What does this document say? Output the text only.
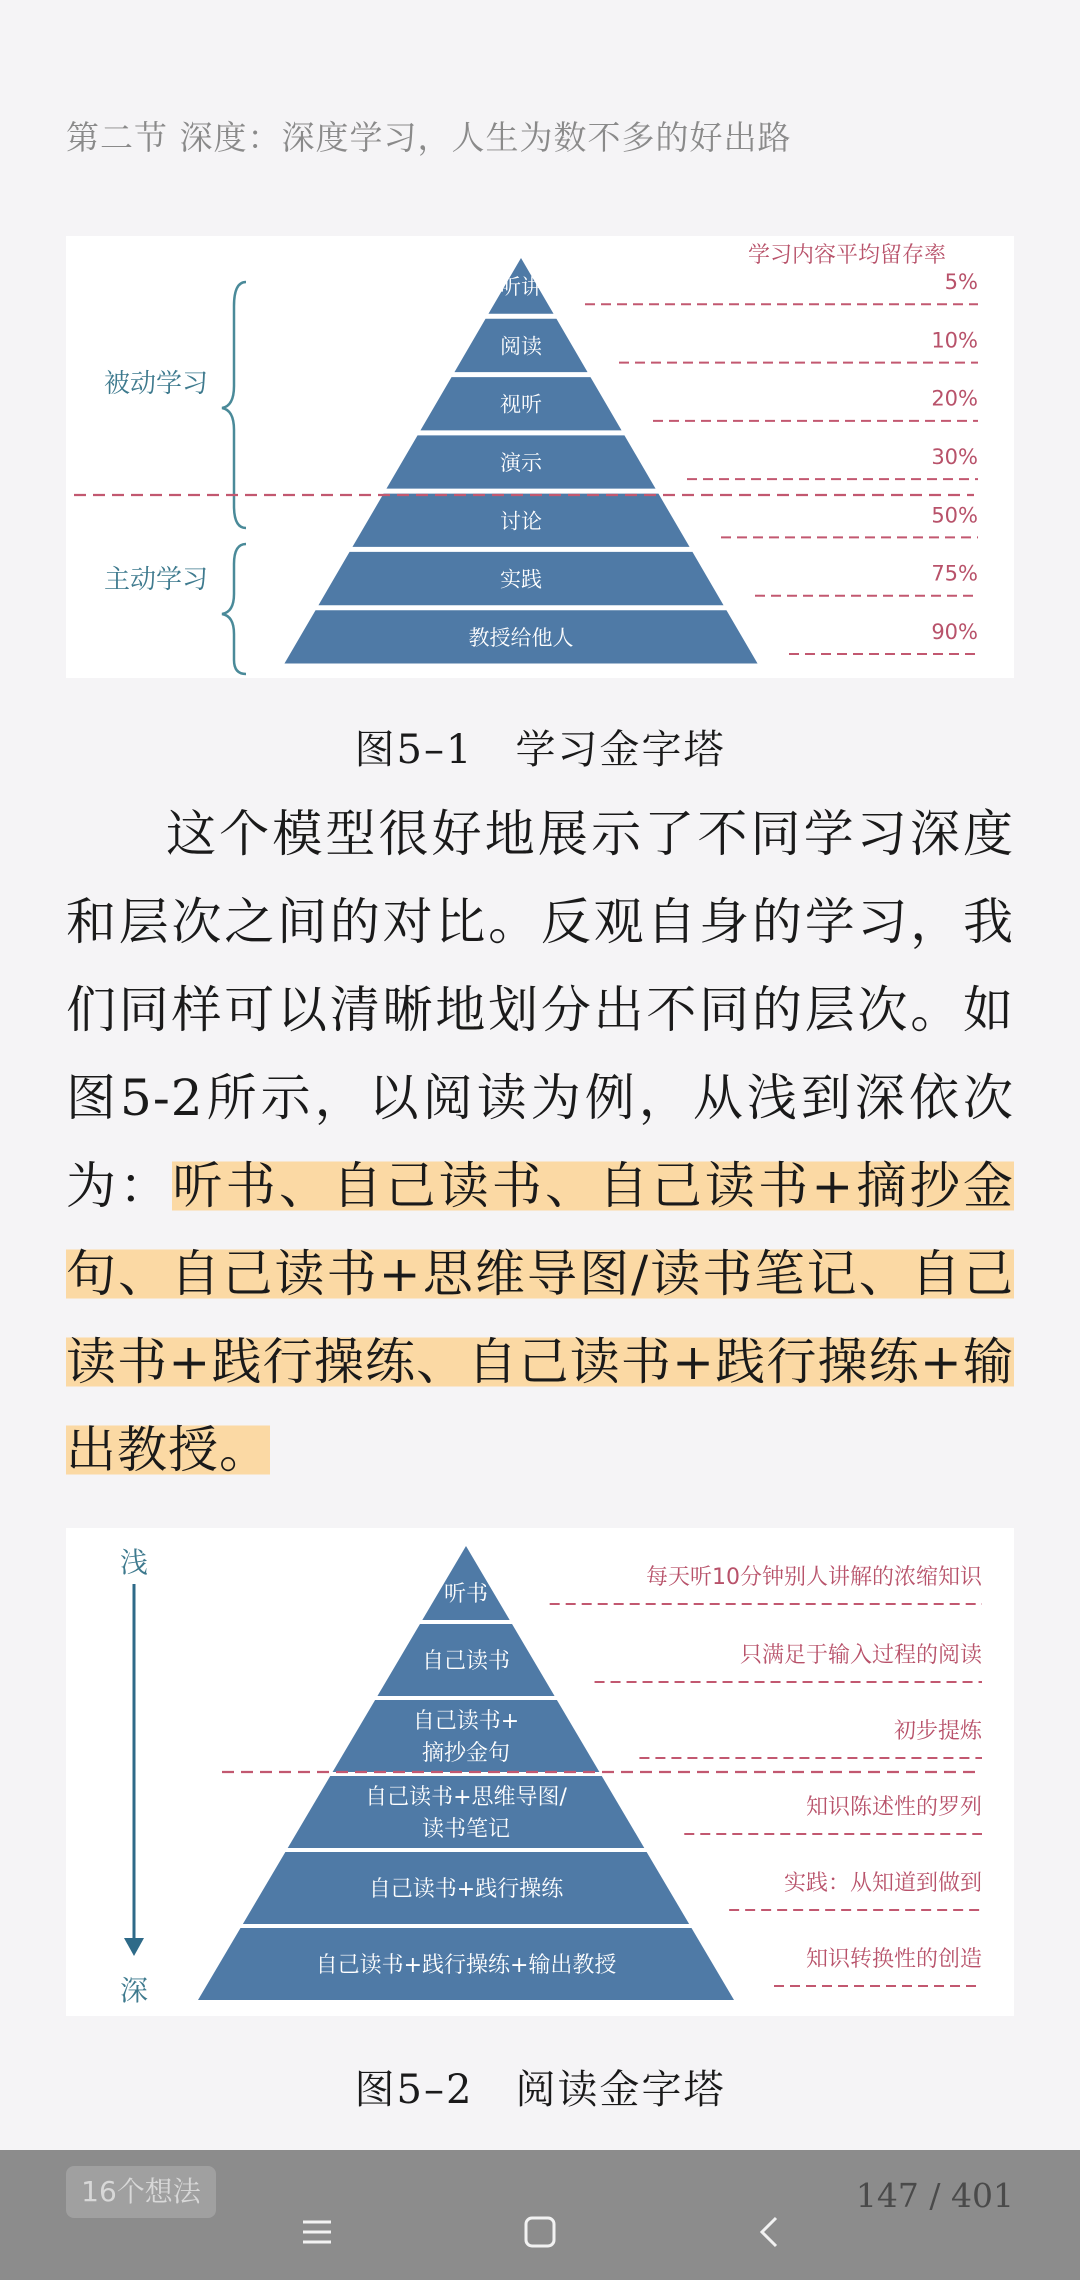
第二节 深度：深度学习，人生为数不多的好出路
被动学习
主动学习
学习内容平均留存率
听讲
阅读
视听
演示
讨论
实践
教授给他人
5%
10%
20%
30%
50%
75%
90%
图5–1　学习金字塔
这个模型很好地展示了不同学习深度和层次之间的对比。反观自身的学习，我们同样可以清晰地划分出不同的层次。如图5-2所示，以阅读为例，从浅到深依次为：听书、自己读书、自己读书+摘抄金句、自己读书+思维导图/读书笔记、自己读书+践行操练、自己读书+践行操练+输出教授。
浅
深
听书
自己读书
自己读书+
摘抄金句
自己读书+思维导图/
读书笔记
自己读书+践行操练
自己读书+践行操练+输出教授
每天听10分钟别人讲解的浓缩知识
只满足于输入过程的阅读
初步提炼
知识陈述性的罗列
实践：从知道到做到
知识转换性的创造
图5–2　阅读金字塔
16个想法	147 / 401
